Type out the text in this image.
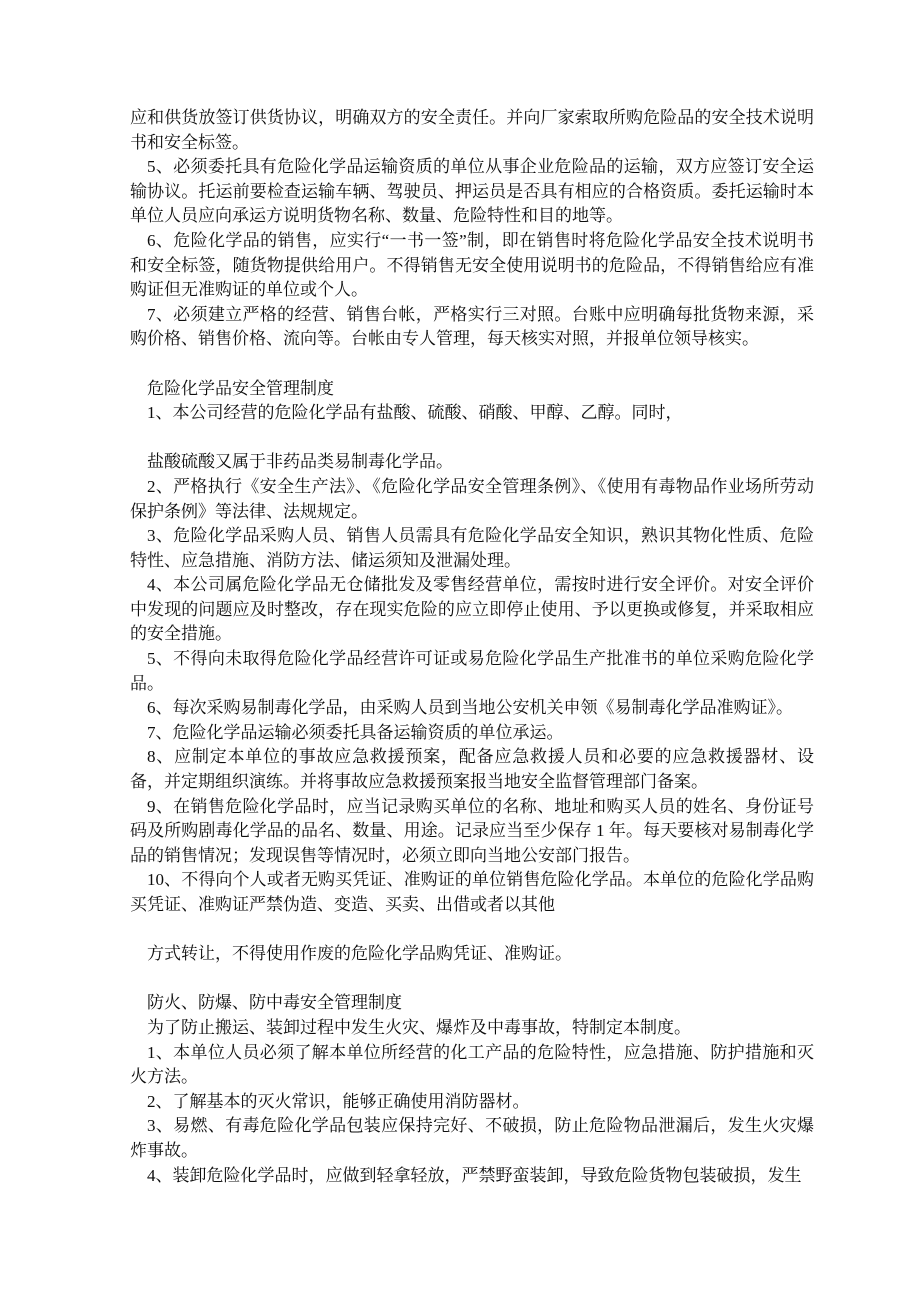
应和供货放签订供货协议，明确双方的安全责任。并向厂家索取所购危险品的安全技术说明书和安全标签。

5、必须委托具有危险化学品运输资质的单位从事企业危险品的运输，双方应签订安全运输协议。托运前要检查运输车辆、驾驶员、押运员是否具有相应的合格资质。委托运输时本单位人员应向承运方说明货物名称、数量、危险特性和目的地等。

6、危险化学品的销售，应实行“一书一签”制，即在销售时将危险化学品安全技术说明书和安全标签，随货物提供给用户。不得销售无安全使用说明书的危险品，不得销售给应有准购证但无准购证的单位或个人。

7、必须建立严格的经营、销售台帐，严格实行三对照。台账中应明确每批货物来源，采购价格、销售价格、流向等。台帐由专人管理，每天核实对照，并报单位领导核实。

危险化学品安全管理制度

1、本公司经营的危险化学品有盐酸、硫酸、硝酸、甲醇、乙醇。同时，

盐酸硫酸又属于非药品类易制毒化学品。

2、严格执行《安全生产法》、《危险化学品安全管理条例》、《使用有毒物品作业场所劳动保护条例》等法律、法规规定。

3、危险化学品采购人员、销售人员需具有危险化学品安全知识，熟识其物化性质、危险特性、应急措施、消防方法、储运须知及泄漏处理。

4、本公司属危险化学品无仓储批发及零售经营单位，需按时进行安全评价。对安全评价中发现的问题应及时整改，存在现实危险的应立即停止使用、予以更换或修复，并采取相应的安全措施。

5、不得向未取得危险化学品经营许可证或易危险化学品生产批准书的单位采购危险化学品。

6、每次采购易制毒化学品，由采购人员到当地公安机关申领《易制毒化学品准购证》。

7、危险化学品运输必须委托具备运输资质的单位承运。

8、应制定本单位的事故应急救援预案，配备应急救援人员和必要的应急救援器材、设备，并定期组织演练。并将事故应急救援预案报当地安全监督管理部门备案。

9、在销售危险化学品时，应当记录购买单位的名称、地址和购买人员的姓名、身份证号码及所购剧毒化学品的品名、数量、用途。记录应当至少保存 1 年。每天要核对易制毒化学品的销售情况；发现误售等情况时，必须立即向当地公安部门报告。

10、不得向个人或者无购买凭证、准购证的单位销售危险化学品。本单位的危险化学品购买凭证、准购证严禁伪造、变造、买卖、出借或者以其他

方式转让，不得使用作废的危险化学品购凭证、准购证。

防火、防爆、防中毒安全管理制度

为了防止搬运、装卸过程中发生火灾、爆炸及中毒事故，特制定本制度。

1、本单位人员必须了解本单位所经营的化工产品的危险特性，应急措施、防护措施和灭火方法。

2、了解基本的灭火常识，能够正确使用消防器材。

3、易燃、有毒危险化学品包装应保持完好、不破损，防止危险物品泄漏后，发生火灾爆炸事故。

4、装卸危险化学品时，应做到轻拿轻放，严禁野蛮装卸，导致危险货物包装破损，发生
